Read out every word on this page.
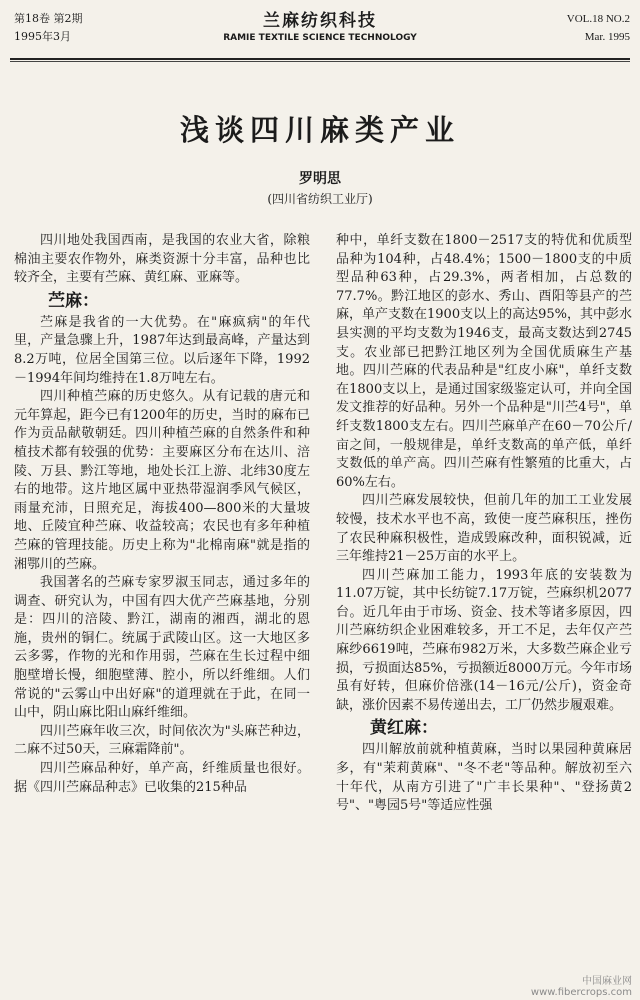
第18卷 第2期
1995年3月
兰麻纺织科技
RAMIE TEXTILE SCIENCE TECHNOLOGY
VOL.18 NO.2
Mar. 1995
浅谈四川麻类产业
罗明思
(四川省纺织工业厅)

四川地处我国西南，是我国的农业大省，除粮棉油主要农作物外，麻类资源十分丰富，品种也比较齐全，主要有苎麻、黄红麻、亚麻等。

苎麻：

苎麻是我省的一大优势。在"麻疯病"的年代里，产量急骤上升，1987年达到最高峰，产量达到8.2万吨，位居全国第三位。以后逐年下降，1992－1994年间均维持在1.8万吨左右。

四川种植苎麻的历史悠久。从有记载的唐元和元年算起，距今已有1200年的历史，当时的麻布已作为贡品献敬朝廷。四川种植苎麻的自然条件和种植技术都有较强的优势：主要麻区分布在达川、涪陵、万县、黔江等地，地处长江上游、北纬30度左右的地带。这片地区属中亚热带湿润季风气候区，雨量充沛，日照充足，海拔400—800米的大量坡地、丘陵宜种苎麻、收益较高；农民也有多年种植苎麻的管理技能。历史上称为"北棉南麻"就是指的湘鄂川的苎麻。

我国著名的苎麻专家罗淑玉同志，通过多年的调查、研究认为，中国有四大优产苎麻基地，分别是：四川的涪陵、黔江，湖南的湘西，湖北的恩施，贵州的铜仁。统属于武陵山区。这一大地区多云多雾，作物的光和作用弱，苎麻在生长过程中细胞壁增长慢，细胞壁薄、腔小，所以纤维细。人们常说的"云雾山中出好麻"的道理就在于此，在同一山中，阴山麻比阳山麻纤维细。

四川苎麻年收三次，时间依次为"头麻芒种边，二麻不过50天，三麻霜降前"。

四川苎麻品种好，单产高，纤维质量也很好。据《四川苎麻品种志》已收集的215种品

种中，单纤支数在1800－2517支的特优和优质型品种为104种，占48.4%；1500－1800支的中质型品种63种，占29.3%，两者相加，占总数的77.7%。黔江地区的彭水、秀山、酉阳等县产的苎麻，单产支数在1900支以上的高达95%，其中彭水县实测的平均支数为1946支，最高支数达到2745支。农业部已把黔江地区列为全国优质麻生产基地。四川苎麻的代表品种是"红皮小麻"，单纤支数在1800支以上，是通过国家级鉴定认可，并向全国发文推荐的好品种。另外一个品种是"川苎4号"，单纤支数1800支左右。四川苎麻单产在60－70公斤/亩之间，一般规律是，单纤支数高的单产低，单纤支数低的单产高。四川苎麻有性繁殖的比重大，占60%左右。

四川苎麻发展较快，但前几年的加工工业发展较慢，技术水平也不高，致使一度苎麻积压，挫伤了农民种麻积极性，造成毁麻改种，面积锐减，近三年维持21－25万亩的水平上。

四川苎麻加工能力，1993年底的安装数为11.07万锭，其中长纺锭7.17万锭，苎麻织机2077台。近几年由于市场、资金、技术等诸多原因，四川苎麻纺织企业困难较多，开工不足，去年仅产苎麻纱6619吨，苎麻布982万米，大多数苎麻企业亏损，亏损面达85%，亏损额近8000万元。今年市场虽有好转，但麻价倍涨(14－16元/公斤)，资金奇缺，涨价因素不易传递出去，工厂仍然步履艰难。

黄红麻：

四川解放前就种植黄麻，当时以果园种黄麻居多，有"茉莉黄麻"、"冬不老"等品种。解放初至六十年代，从南方引进了"广丰长果种"、"登扬黄2号"、"粤园5号"等适应性强

中国麻业网
www.fibercrops.com
